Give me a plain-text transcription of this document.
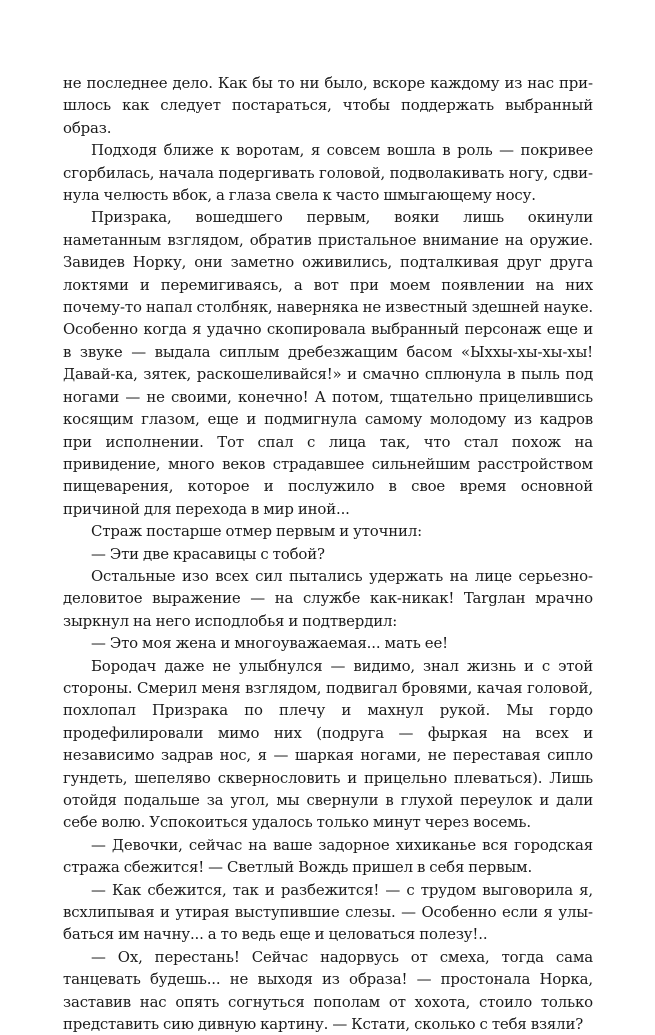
не последнее дело. Как бы то ни было, вскоре каждому из нас пришлось как следует постараться, чтобы поддержать выбранный образ.

Подходя ближе к воротам, я совсем вошла в роль — покривее сгорбилась, начала подергивать головой, подволакивать ногу, сдвинула челюсть вбок, а глаза свела к часто шмыгающему носу.

Призрака, вошедшего первым, вояки лишь окинули наметанным взглядом, обратив пристальное внимание на оружие. Завидев Норку, они заметно оживились, подталкивая друг друга локтями и перемигиваясь, а вот при моем появлении на них почему-то напал столбняк, наверняка не известный здешней науке. Особенно когда я удачно скопировала выбранный персонаж еще и в звуке — выдала сиплым дребезжащим басом «Ыххы-хы-хы-хы! Давай-ка, зятек, раскошеливайся!» и смачно сплюнула в пыль под ногами — не своими, конечно! А потом, тщательно прицелившись косящим глазом, еще и подмигнула самому молодому из кадров при исполнении. Тот спал с лица так, что стал похож на привидение, много веков страдавшее сильнейшим расстройством пищеварения, которое и послужило в свое время основной причиной для перехода в мир иной...

Страж постарше отмер первым и уточнил:

— Эти две красавицы с тобой?

Остальные изо всех сил пытались удержать на лице серьезноделовитое выражение — на службе как-никак! Targлан мрачно зыркнул на него исподлобья и подтвердил:

— Это моя жена и многоуважаемая... мать ее!

Бородач даже не улыбнулся — видимо, знал жизнь и с этой стороны. Смерил меня взглядом, подвигал бровями, качая головой, похлопал Призрака по плечу и махнул рукой. Мы гордо продефилировали мимо них (подруга — фыркая на всех и независимо задрав нос, я — шаркая ногами, не переставая сипло гундеть, шепелявo сквернослoвить и прицельно плеваться). Лишь отойдя подальше за угол, мы свернули в глухой переулок и дали себе волю. Успокоиться удалось только минут через восемь.

— Девочки, сейчас на ваше задорное хихиканье вся городская стража сбежится! — Светлый Вождь пришел в себя первым.

— Как сбежится, так и разбежится! — с трудом выговорила я, всхлипывая и утирая выступившие слезы. — Особенно если я улыбаться им начну... а то ведь еще и целоваться полезу!..

— Ох, перестань! Сейчас надорвусь от смеха, тогда сама танцевать будешь... не выходя из образа! — простонала Норка, заставив нас опять согнуться пополам от хохота, стоило только представить сию дивную картину. — Кстати, сколько с тебя взяли?
